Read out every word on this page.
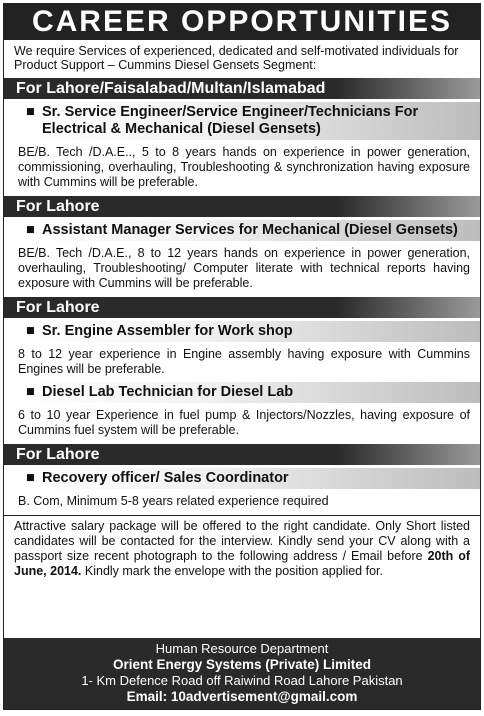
CAREER OPPORTUNITIES
We require Services of experienced, dedicated and self-motivated individuals for Product Support – Cummins Diesel Gensets Segment:
For Lahore/Faisalabad/Multan/Islamabad
■ Sr. Service Engineer/Service Engineer/Technicians For Electrical & Mechanical (Diesel Gensets)
BE/B. Tech /D.A.E.., 5 to 8 years hands on experience in power generation, commissioning, overhauling, Troubleshooting & synchronization having exposure with Cummins will be preferable.
For Lahore
■ Assistant Manager Services for Mechanical (Diesel Gensets)
BE/B. Tech /D.A.E., 8 to 12 years hands on experience in power generation, overhauling, Troubleshooting/ Computer literate with technical reports having exposure with Cummins will be preferable.
For Lahore
■ Sr. Engine Assembler for Work shop
8 to 12 year experience in Engine assembly having exposure with Cummins Engines will be preferable.
■ Diesel Lab Technician for Diesel Lab
6 to 10 year Experience in fuel pump & Injectors/Nozzles, having exposure of Cummins fuel system will be preferable.
For Lahore
■ Recovery officer/ Sales Coordinator
B. Com, Minimum 5-8 years related experience required
Attractive salary package will be offered to the right candidate. Only Short listed candidates will be contacted for the interview. Kindly send your CV along with a passport size recent photograph to the following address / Email before 20th of June, 2014. Kindly mark the envelope with the position applied for.
Human Resource Department
Orient Energy Systems (Private) Limited
1- Km Defence Road off Raiwind Road Lahore Pakistan
Email: 10advertisement@gmail.com
